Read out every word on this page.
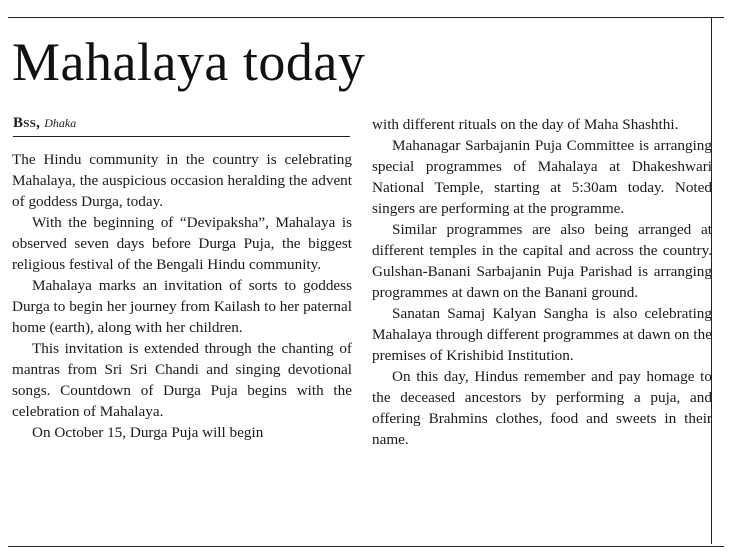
Mahalaya today
Bss, Dhaka

The Hindu community in the country is celebrating Mahalaya, the auspicious occasion heralding the advent of goddess Durga, today.

With the beginning of “Devipaksha”, Mahalaya is observed seven days before Durga Puja, the biggest religious festival of the Bengali Hindu community.

Mahalaya marks an invitation of sorts to goddess Durga to begin her journey from Kailash to her paternal home (earth), along with her children.

This invitation is extended through the chanting of mantras from Sri Sri Chandi and singing devotional songs. Countdown of Durga Puja begins with the celebration of Mahalaya.

On October 15, Durga Puja will begin

with different rituals on the day of Maha Shashthi.

Mahanagar Sarbajanin Puja Committee is arranging special programmes of Mahalaya at Dhakeshwari National Temple, starting at 5:30am today. Noted singers are performing at the programme.

Similar programmes are also being arranged at different temples in the capital and across the country. Gulshan-Banani Sarbajanin Puja Parishad is arranging programmes at dawn on the Banani ground.

Sanatan Samaj Kalyan Sangha is also celebrating Mahalaya through different programmes at dawn on the premises of Krishibid Institution.

On this day, Hindus remember and pay homage to the deceased ancestors by performing a puja, and offering Brahmins clothes, food and sweets in their name.
